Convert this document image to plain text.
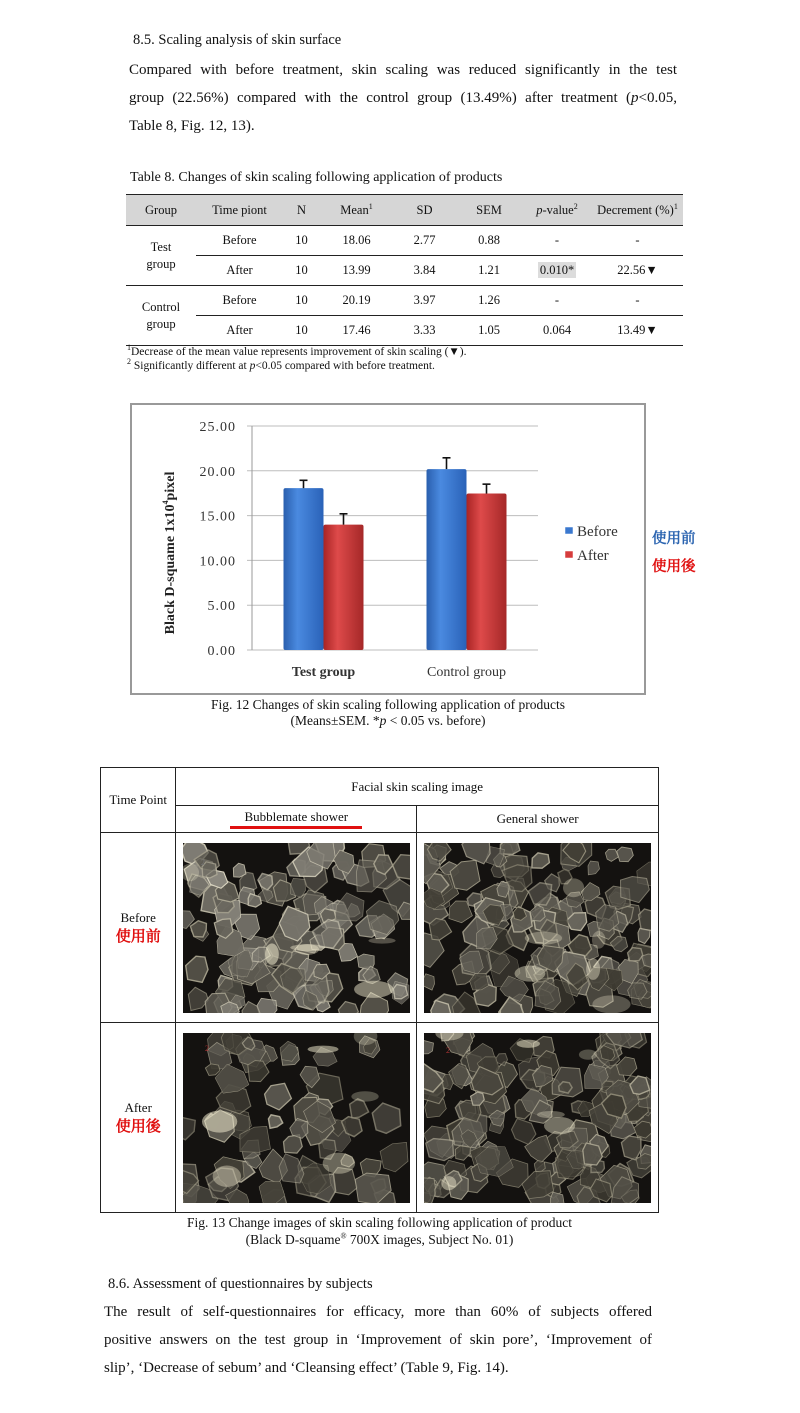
8.5. Scaling analysis of skin surface
Compared with before treatment, skin scaling was reduced significantly in the test
group (22.56%) compared with the control group (13.49%) after treatment (p<0.05,
Table 8, Fig. 12, 13).
Table 8. Changes of skin scaling following application of products
Group	Time piont	N	Mean$^1$	SD	SEM	p-value$^2$	Decrement (%)$^1$
Test
group	Before	10	18.06	2.77	0.88	-	-
	After	10	13.99	3.84	1.21	0.010*	22.56▼
Control
group	Before	10	20.19	3.97	1.26	-	-
	After	10	17.46	3.33	1.05	0.064	13.49▼
$^1$Decrease of the mean value represents improvement of skin scaling (▼).
$^2$ Significantly different at p<0.05 compared with before treatment.
0.00
5.00
10.00
15.00
20.00
25.00
Test group	Control group
Black D-squame $1x10^4pixel$
Before
After
使用前
使用後
Fig. 12 Changes of skin scaling following application of products
(Means±SEM. *p < 0.05 vs. before)
Time Point	Facial skin scaling image	
	Bubblemate shower	General shower
Before
使用前	2	1

After
使用後	2	2
Fig. 13 Change images of skin scaling following application of product
(Black D-squame® 700X images, Subject No. 01)
8.6. Assessment of questionnaires by subjects
The result of self-questionnaires for efficacy, more than 60% of subjects offered
positive answers on the test group in ‘Improvement of skin pore’, ‘Improvement of
slip’, ‘Decrease of sebum’ and ‘Cleansing effect’ (Table 9, Fig. 14).
